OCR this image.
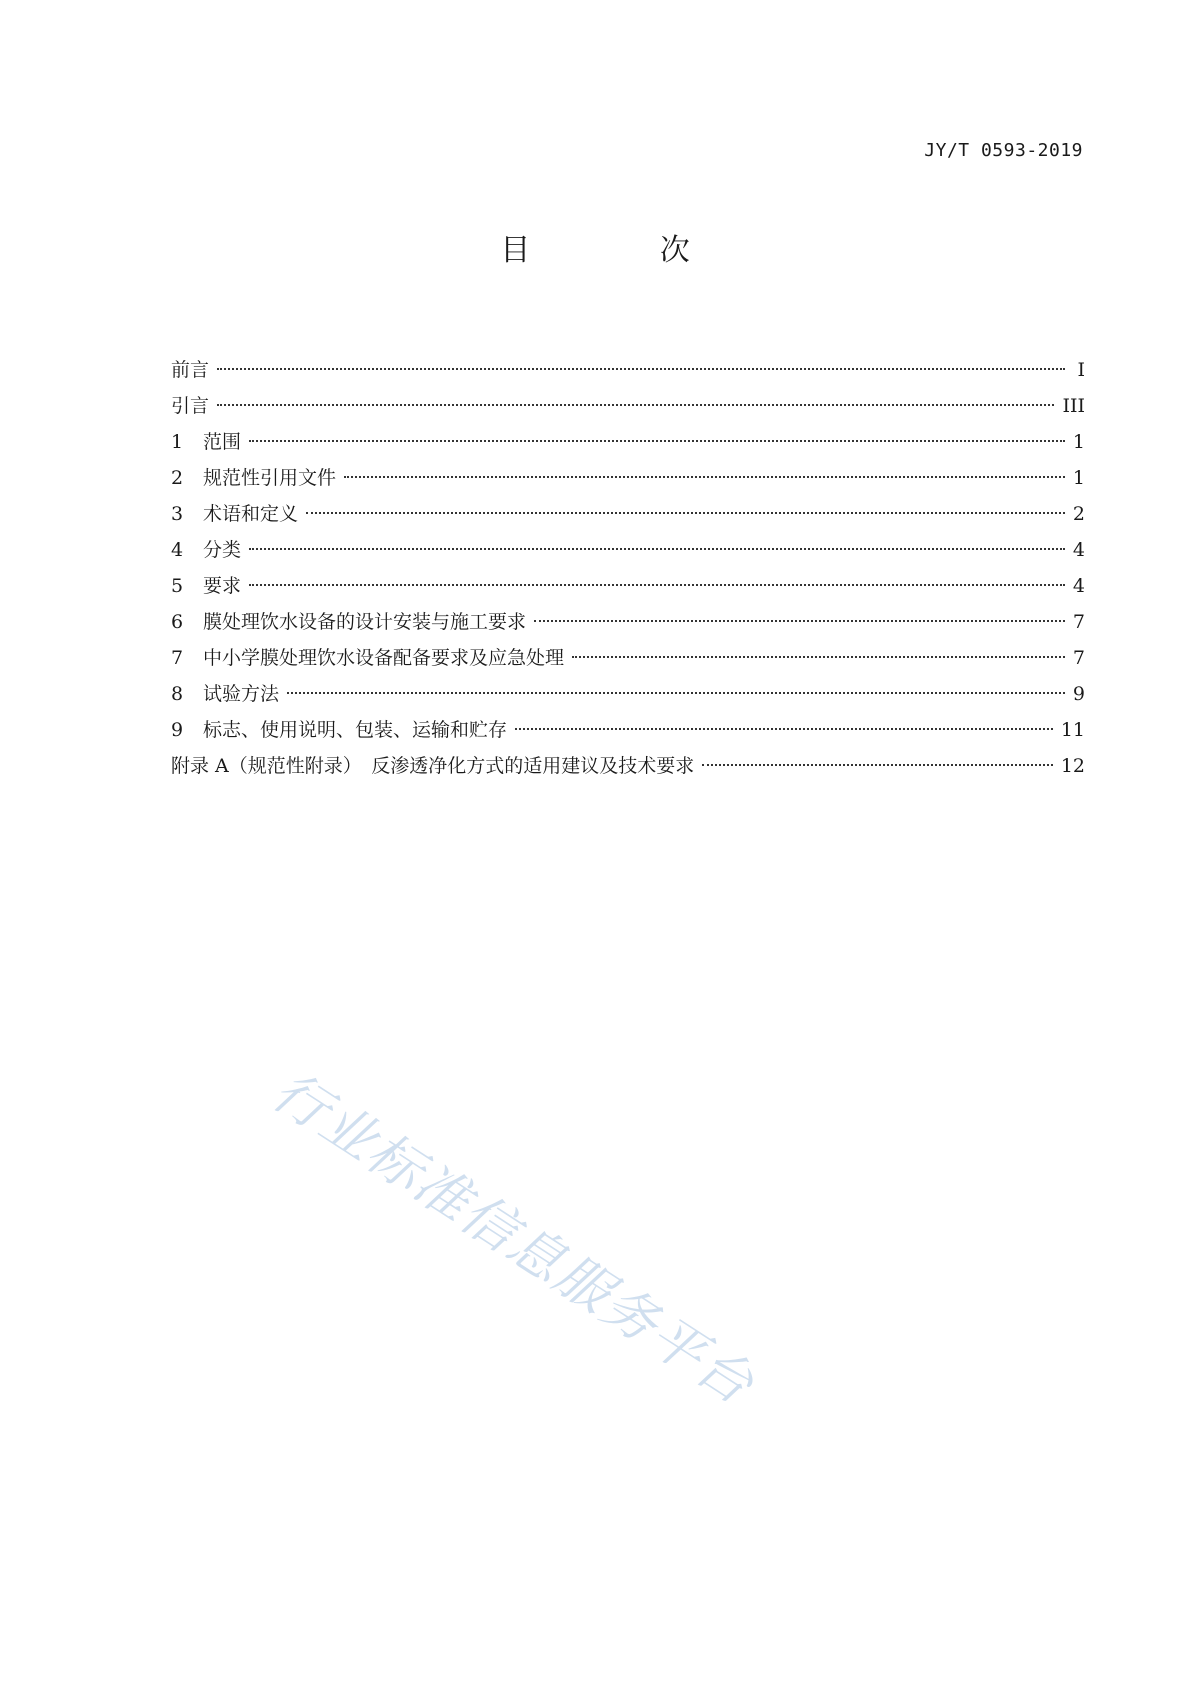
JY/T 0593-2019
目 次
前言	I
引言	III
1	范围	1
2	规范性引用文件	1
3	术语和定义	2
4	分类	4
5	要求	4
6	膜处理饮水设备的设计安装与施工要求	7
7	中小学膜处理饮水设备配备要求及应急处理	7
8	试验方法	9
9	标志、使用说明、包装、运输和贮存	11
附录 A（规范性附录）　反渗透净化方式的适用建议及技术要求	12
行业标准信息服务平台
